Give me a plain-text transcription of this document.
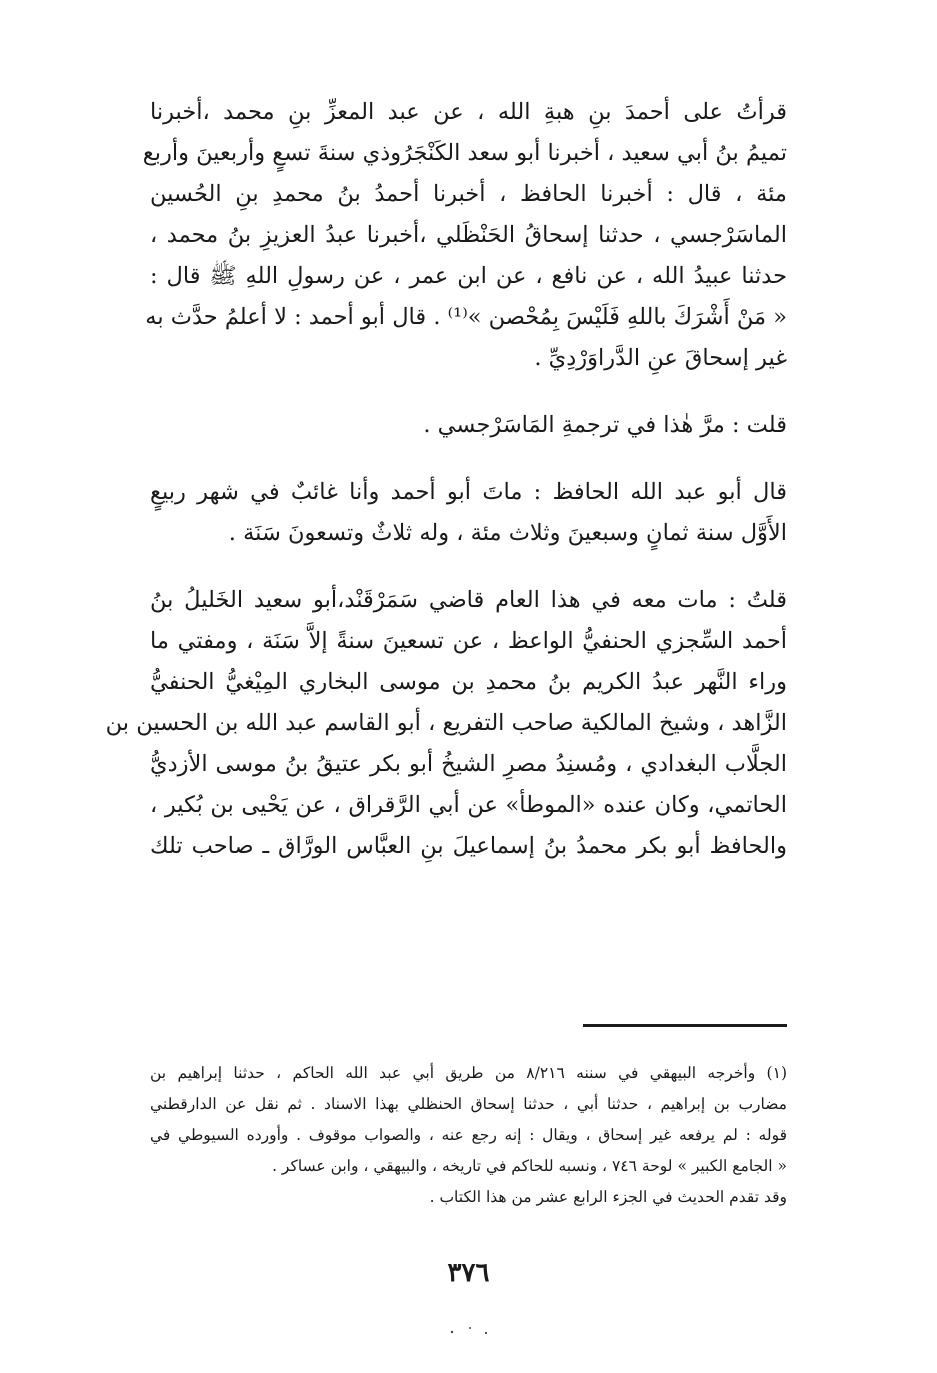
قرأتُ على أحمدَ بنِ هبةِ الله ، عن عبد المعزِّ بنِ محمد ،أخبرنا
تميمُ بنُ أبي سعيد ، أخبرنا أبو سعد الكَنْجَرُوذي سنةَ تسعٍ وأربعينَ وأربع
مئة ، قال : أخبرنا الحافظ ، أخبرنا أحمدُ بنُ محمدِ بنِ الحُسين
الماسَرْجسي ، حدثنا إسحاقُ الحَنْظَلي ،أخبرنا عبدُ العزيزِ بنُ محمد ،
حدثنا عبيدُ الله ، عن نافع ، عن ابن عمر ، عن رسولِ اللهِ ﷺ قال :
« مَنْ أَشْرَكَ باللهِ فَلَيْسَ بِمُحْصن »⁽¹⁾ . قال أبو أحمد : لا أعلمُ حدَّث به
غير إسحاقَ عنِ الدَّراوَرْدِيِّ .

قلت : مرَّ هٰذا في ترجمةِ المَاسَرْجسي .

قال أبو عبد الله الحافظ : ماتَ أبو أحمد وأنا غائبٌ في شهر ربيعٍ
الأَوَّل سنة ثمانٍ وسبعينَ وثلاث مئة ، وله ثلاثٌ وتسعونَ سَنَة .

قلتُ : مات معه في هذا العام قاضي سَمَرْقَنْد،أبو سعيد الخَليلُ بنُ
أحمد السِّجزي الحنفيُّ الواعظ ، عن تسعينَ سنةً إلاَّ سَنَة ، ومفتي ما
وراء النَّهر عبدُ الكريم بنُ محمدِ بن موسى البخاري المِيْغيُّ الحنفيُّ
الزَّاهد ، وشيخ المالكية صاحب التفريع ، أبو القاسم عبد الله بن الحسين بن
الجلَّاب البغدادي ، ومُسنِدُ مصرِ الشيخُ أبو بكر عتيقُ بنُ موسى الأزديُّ
الحاتمي، وكان عنده «الموطأ» عن أبي الرَّقراق ، عن يَحْيى بن بُكير ،
والحافظ أبو بكر محمدُ بنُ إسماعيلَ بنِ العبَّاس الورَّاق ـ صاحب تلك

(١) وأخرجه البيهقي في سننه ٨/٢١٦ من طريق أبي عبد الله الحاكم ، حدثنا إبراهيم بن
مضارب بن إبراهيم ، حدثنا أبي ، حدثنا إسحاق الحنظلي بهذا الاسناد . ثم نقل عن الدارقطني
قوله : لم يرفعه غير إسحاق ، ويقال : إنه رجع عنه ، والصواب موقوف . وأورده السيوطي في
« الجامع الكبير » لوحة ٧٤٦ ، ونسبه للحاكم في تاريخه ، والبيهقي ، وابن عساكر .
وقد تقدم الحديث في الجزء الرابع عشر من هذا الكتاب .
٣٧٦
